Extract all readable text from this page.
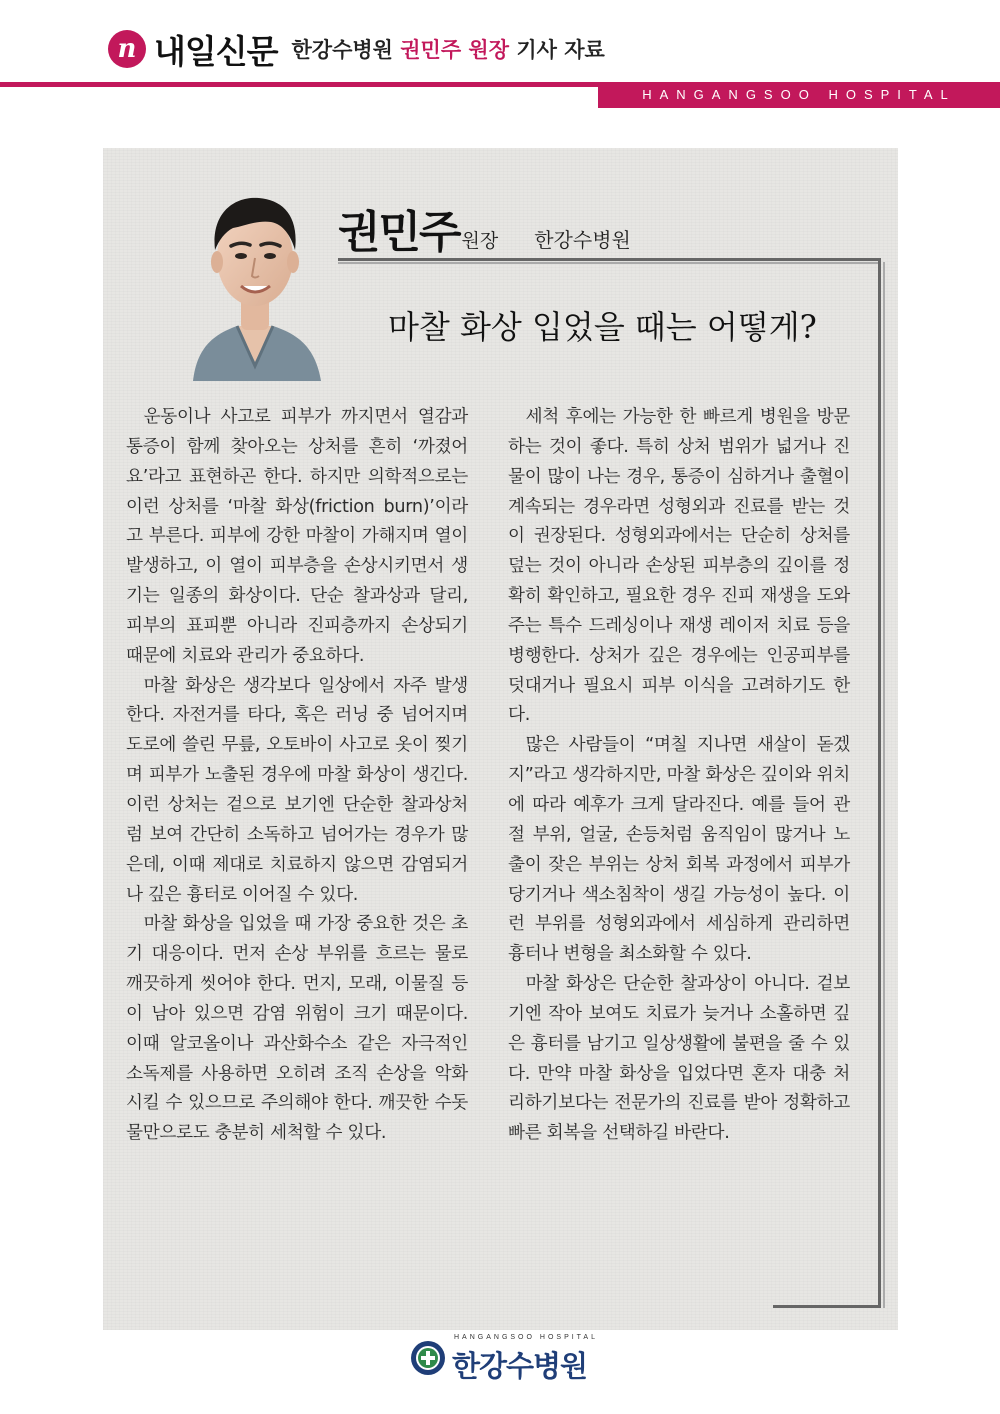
n 내일신문 한강수병원 권민주 원장 기사 자료
HANGANGSOO HOSPITAL
권민주 원장 한강수병원
마찰 화상 입었을 때는 어떻게?

운동이나 사고로 피부가 까지면서 열감과 통증이 함께 찾아오는 상처를 흔히 ‘까졌어요’라고 표현하곤 한다. 하지만 의학적으로는 이런 상처를 ‘마찰 화상(friction burn)’이라고 부른다. 피부에 강한 마찰이 가해지며 열이 발생하고, 이 열이 피부층을 손상시키면서 생기는 일종의 화상이다. 단순 찰과상과 달리, 피부의 표피뿐 아니라 진피층까지 손상되기 때문에 치료와 관리가 중요하다.

마찰 화상은 생각보다 일상에서 자주 발생한다. 자전거를 타다, 혹은 러닝 중 넘어지며 도로에 쓸린 무릎, 오토바이 사고로 옷이 찢기며 피부가 노출된 경우에 마찰 화상이 생긴다. 이런 상처는 겉으로 보기엔 단순한 찰과상처럼 보여 간단히 소독하고 넘어가는 경우가 많은데, 이때 제대로 치료하지 않으면 감염되거나 깊은 흉터로 이어질 수 있다.

마찰 화상을 입었을 때 가장 중요한 것은 초기 대응이다. 먼저 손상 부위를 흐르는 물로 깨끗하게 씻어야 한다. 먼지, 모래, 이물질 등이 남아 있으면 감염 위험이 크기 때문이다. 이때 알코올이나 과산화수소 같은 자극적인 소독제를 사용하면 오히려 조직 손상을 악화시킬 수 있으므로 주의해야 한다. 깨끗한 수돗물만으로도 충분히 세척할 수 있다.

세척 후에는 가능한 한 빠르게 병원을 방문하는 것이 좋다. 특히 상처 범위가 넓거나 진물이 많이 나는 경우, 통증이 심하거나 출혈이 계속되는 경우라면 성형외과 진료를 받는 것이 권장된다. 성형외과에서는 단순히 상처를 덮는 것이 아니라 손상된 피부층의 깊이를 정확히 확인하고, 필요한 경우 진피 재생을 도와주는 특수 드레싱이나 재생 레이저 치료 등을 병행한다. 상처가 깊은 경우에는 인공피부를 덧대거나 필요시 피부 이식을 고려하기도 한다.

많은 사람들이 “며칠 지나면 새살이 돋겠지”라고 생각하지만, 마찰 화상은 깊이와 위치에 따라 예후가 크게 달라진다. 예를 들어 관절 부위, 얼굴, 손등처럼 움직임이 많거나 노출이 잦은 부위는 상처 회복 과정에서 피부가 당기거나 색소침착이 생길 가능성이 높다. 이런 부위를 성형외과에서 세심하게 관리하면 흉터나 변형을 최소화할 수 있다.

마찰 화상은 단순한 찰과상이 아니다. 겉보기엔 작아 보여도 치료가 늦거나 소홀하면 깊은 흉터를 남기고 일상생활에 불편을 줄 수 있다. 만약 마찰 화상을 입었다면 혼자 대충 처리하기보다는 전문가의 진료를 받아 정확하고 빠른 회복을 선택하길 바란다.

HANGANGSOO HOSPITAL
한강수병원
